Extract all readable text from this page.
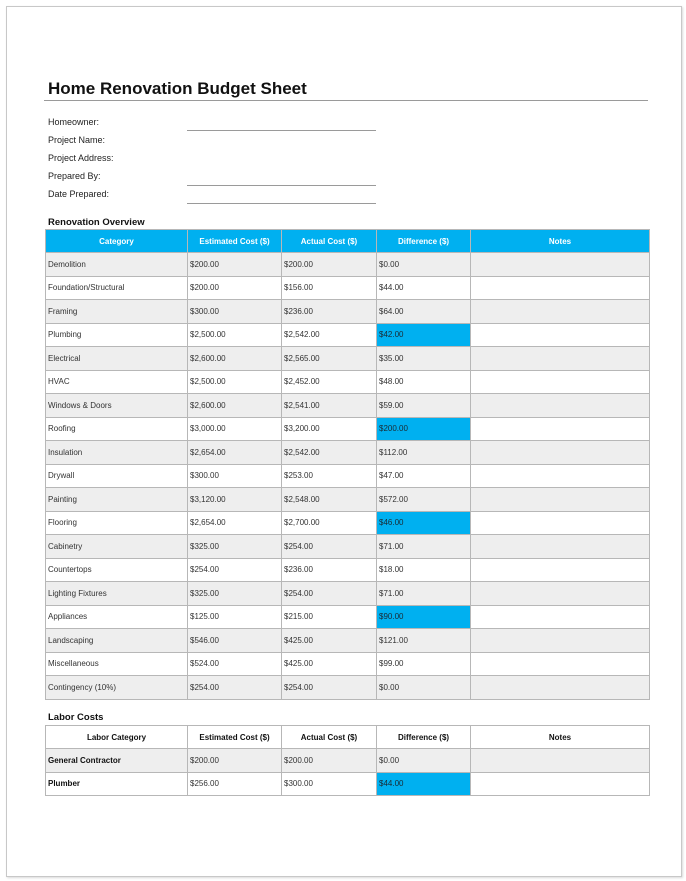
Home Renovation Budget Sheet
Homeowner:
Project Name:
Project Address:
Prepared By:
Date Prepared:
Renovation Overview
Category	Estimated Cost ($)	Actual Cost ($)	Difference ($)	Notes
Demolition	$200.00	$200.00	$0.00	
Foundation/Structural	$200.00	$156.00	$44.00	
Framing	$300.00	$236.00	$64.00	
Plumbing	$2,500.00	$2,542.00	$42.00	
Electrical	$2,600.00	$2,565.00	$35.00	
HVAC	$2,500.00	$2,452.00	$48.00	
Windows & Doors	$2,600.00	$2,541.00	$59.00	
Roofing	$3,000.00	$3,200.00	$200.00	
Insulation	$2,654.00	$2,542.00	$112.00	
Drywall	$300.00	$253.00	$47.00	
Painting	$3,120.00	$2,548.00	$572.00	
Flooring	$2,654.00	$2,700.00	$46.00	
Cabinetry	$325.00	$254.00	$71.00	
Countertops	$254.00	$236.00	$18.00	
Lighting Fixtures	$325.00	$254.00	$71.00	
Appliances	$125.00	$215.00	$90.00	
Landscaping	$546.00	$425.00	$121.00	
Miscellaneous	$524.00	$425.00	$99.00	
Contingency (10%)	$254.00	$254.00	$0.00	
Labor Costs
Labor Category	Estimated Cost ($)	Actual Cost ($)	Difference ($)	Notes
General Contractor	$200.00	$200.00	$0.00	
Plumber	$256.00	$300.00	$44.00	
